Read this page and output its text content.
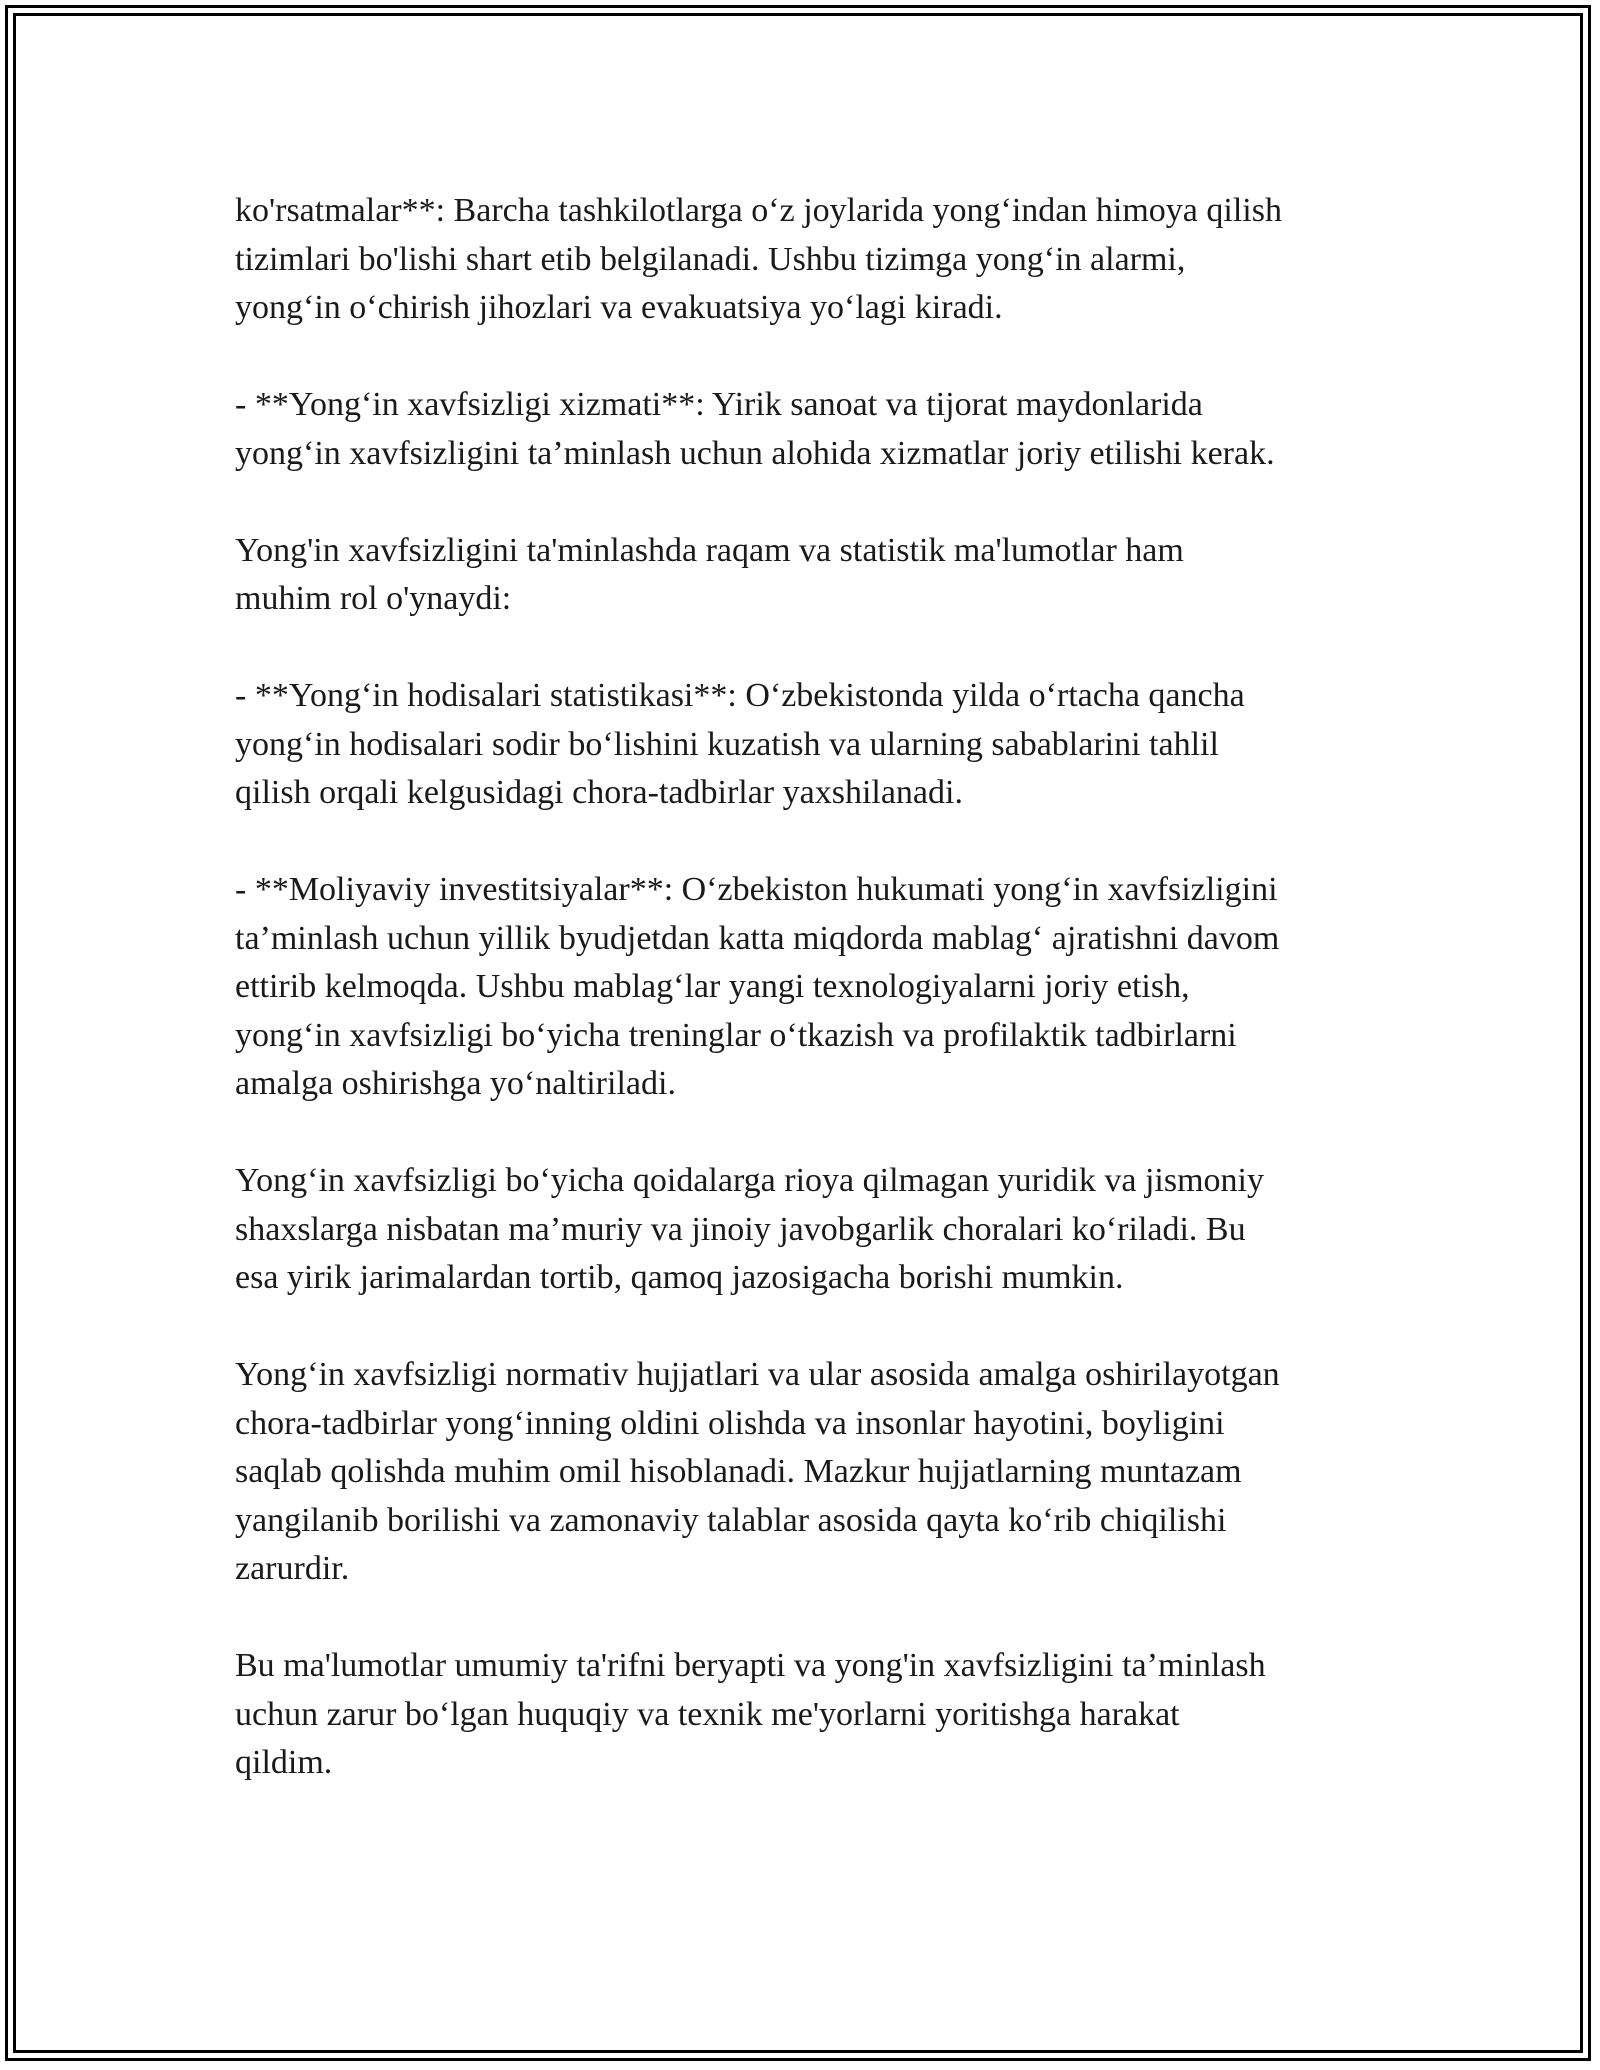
ko'rsatmalar**: Barcha tashkilotlarga o‘z joylarida yong‘indan himoya qilish
tizimlari bo'lishi shart etib belgilanadi. Ushbu tizimga yong‘in alarmi,
yong‘in o‘chirish jihozlari va evakuatsiya yo‘lagi kiradi.

- **Yong‘in xavfsizligi xizmati**: Yirik sanoat va tijorat maydonlarida
yong‘in xavfsizligini ta’minlash uchun alohida xizmatlar joriy etilishi kerak.

Yong'in xavfsizligini ta'minlashda raqam va statistik ma'lumotlar ham
muhim rol o'ynaydi:

- **Yong‘in hodisalari statistikasi**: O‘zbekistonda yilda o‘rtacha qancha
yong‘in hodisalari sodir bo‘lishini kuzatish va ularning sabablarini tahlil
qilish orqali kelgusidagi chora-tadbirlar yaxshilanadi.

- **Moliyaviy investitsiyalar**: O‘zbekiston hukumati yong‘in xavfsizligini
ta’minlash uchun yillik byudjetdan katta miqdorda mablag‘ ajratishni davom
ettirib kelmoqda. Ushbu mablag‘lar yangi texnologiyalarni joriy etish,
yong‘in xavfsizligi bo‘yicha treninglar o‘tkazish va profilaktik tadbirlarni
amalga oshirishga yo‘naltiriladi.

Yong‘in xavfsizligi bo‘yicha qoidalarga rioya qilmagan yuridik va jismoniy
shaxslarga nisbatan ma’muriy va jinoiy javobgarlik choralari ko‘riladi. Bu
esa yirik jarimalardan tortib, qamoq jazosigacha borishi mumkin.

Yong‘in xavfsizligi normativ hujjatlari va ular asosida amalga oshirilayotgan
chora-tadbirlar yong‘inning oldini olishda va insonlar hayotini, boyligini
saqlab qolishda muhim omil hisoblanadi. Mazkur hujjatlarning muntazam
yangilanib borilishi va zamonaviy talablar asosida qayta ko‘rib chiqilishi
zarurdir.

Bu ma'lumotlar umumiy ta'rifni beryapti va yong'in xavfsizligini ta’minlash
uchun zarur bo‘lgan huquqiy va texnik me'yorlarni yoritishga harakat
qildim.
